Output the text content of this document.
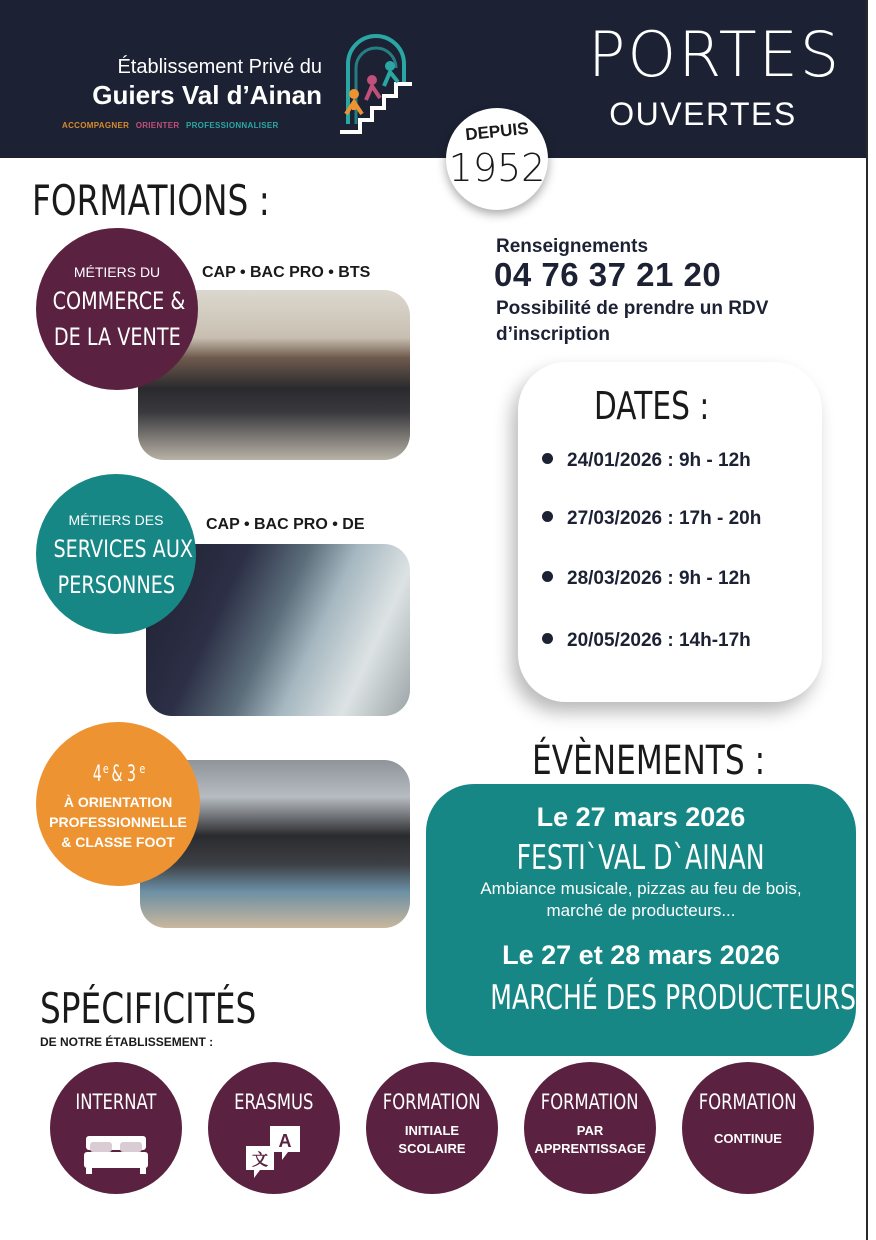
Établissement Privé du
Guiers Val d’Ainan
ACCOMPAGNER ORIENTER PROFESSIONNALISER
PORTES
OUVERTES
DEPUIS
1952
FORMATIONS :
MÉTIERS DU
COMMERCE &
DE LA VENTE
CAP • BAC PRO • BTS
MÉTIERS DES
SERVICES AUX
PERSONNES
CAP • BAC PRO • DE
4e& 3 $^e$
À ORIENTATION
PROFESSIONNELLE
& CLASSE FOOT
Renseignements
04 76 37 21 20
Possibilité de prendre un RDV
d’inscription
DATES :
24/01/2026 : 9h - 12h
27/03/2026 : 17h - 20h
28/03/2026 : 9h - 12h
20/05/2026 : 14h-17h
ÉVÈNEMENTS :
Le 27 mars 2026
FESTI`VAL D`AINAN
Ambiance musicale, pizzas au feu de bois,
marché de producteurs...
Le 27 et 28 mars 2026
MARCHÉ DES PRODUCTEURS
SPÉCIFICITÉS
DE NOTRE ÉTABLISSEMENT :
INTERNAT	ERASMUS
A
文
FORMATION
INITIALE
SCOLAIRE
FORMATION
PAR
APPRENTISSAGE
FORMATION
CONTINUE
